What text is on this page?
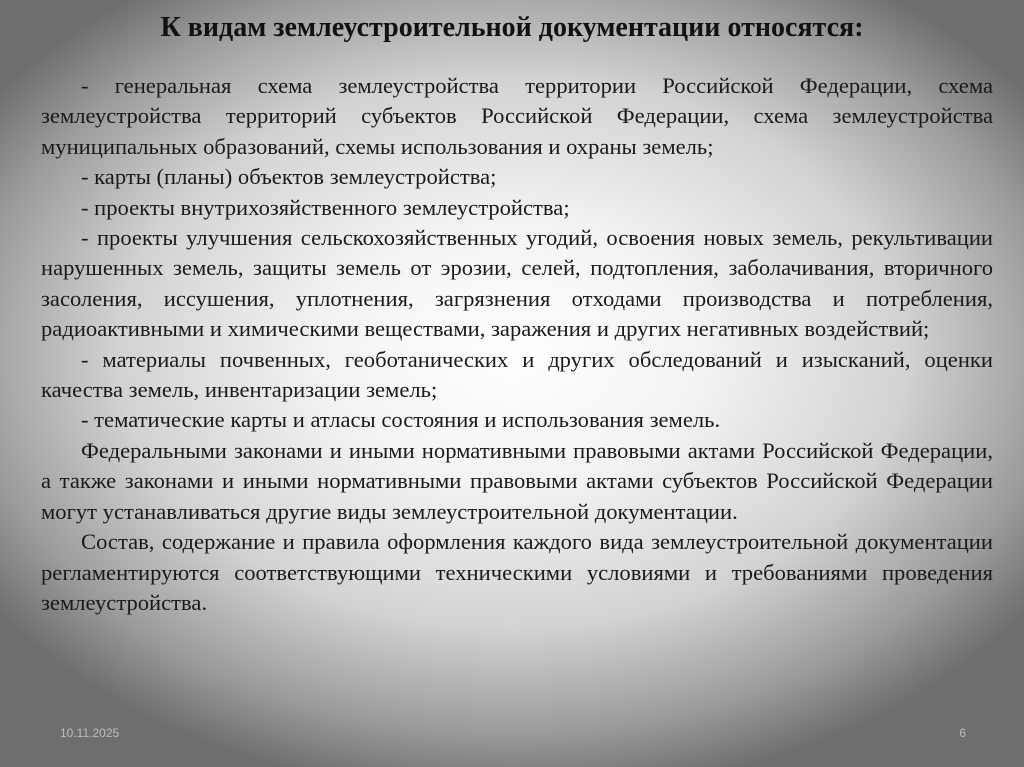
К видам землеустроительной документации относятся:

- генеральная схема землеустройства территории Российской Федерации, схема землеустройства территорий субъектов Российской Федерации, схема землеустройства муниципальных образований, схемы использования и охраны земель;

- карты (планы) объектов землеустройства;

- проекты внутрихозяйственного землеустройства;

- проекты улучшения сельскохозяйственных угодий, освоения новых земель, рекультивации нарушенных земель, защиты земель от эрозии, селей, подтопления, заболачивания, вторичного засоления, иссушения, уплотнения, загрязнения отходами производства и потребления, радиоактивными и химическими веществами, заражения и других негативных воздействий;

- материалы почвенных, геоботанических и других обследований и изысканий, оценки качества земель, инвентаризации земель;

- тематические карты и атласы состояния и использования земель.

Федеральными законами и иными нормативными правовыми актами Российской Федерации, а также законами и иными нормативными правовыми актами субъектов Российской Федерации могут устанавливаться другие виды землеустроительной документации.

Состав, содержание и правила оформления каждого вида землеустроительной документации регламентируются соответствующими техническими условиями и требованиями проведения землеустройства.

10.11.2025	6
